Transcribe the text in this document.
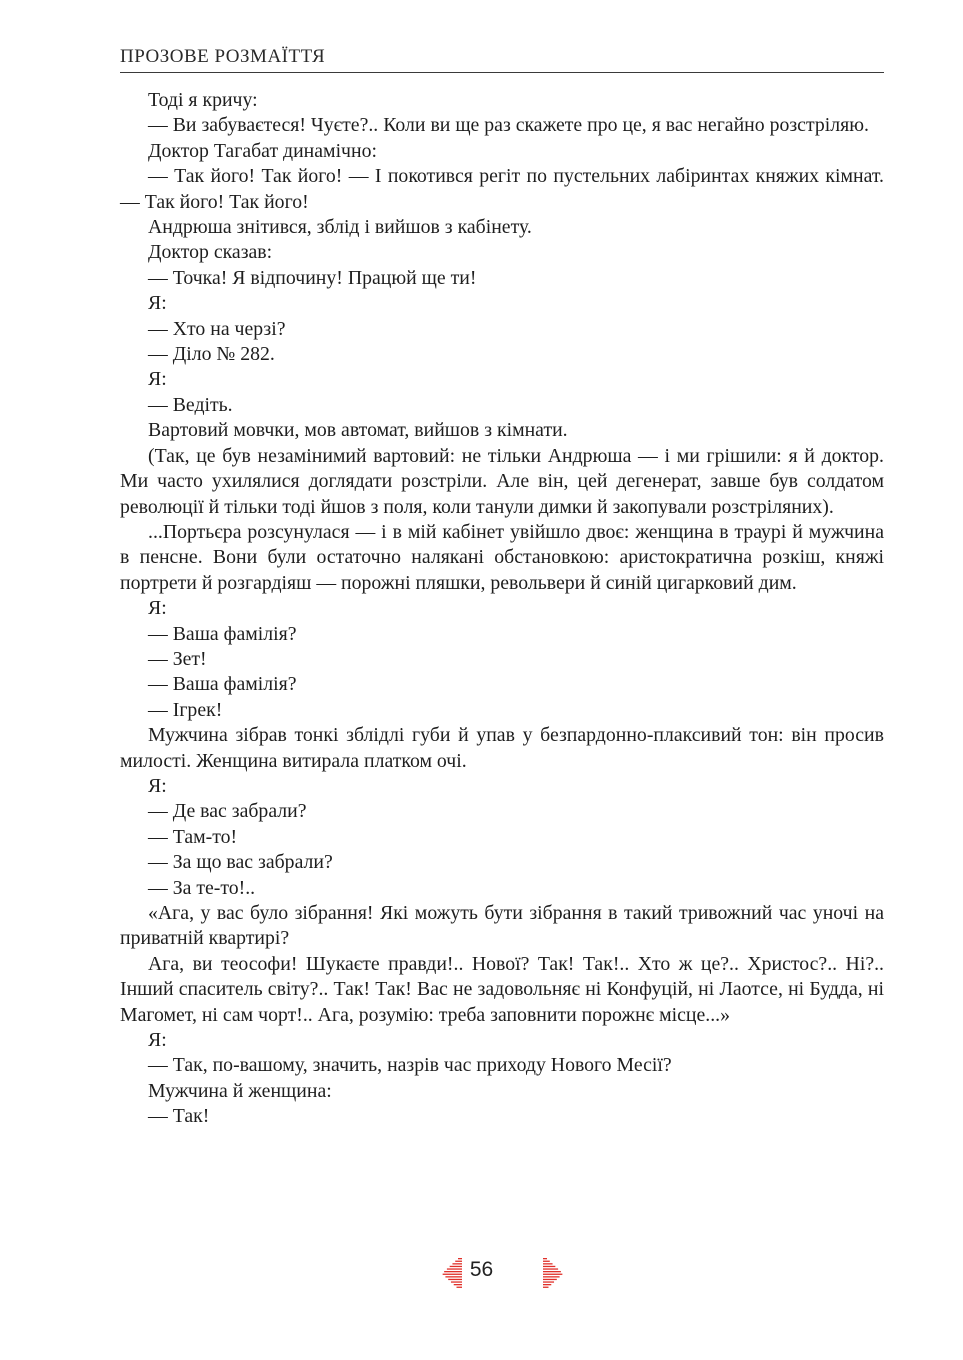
ПРОЗОВЕ РОЗМАЇТТЯ

Тоді я кричу:

— Ви забуваєтеся! Чуєте?.. Коли ви ще раз скажете про це, я вас негайно розстріляю.

Доктор Тагабат динамічно:

— Так його! Так його! — І покотився регіт по пустельних лабіринтах княжих кімнат. — Так його! Так його!

Андрюша знітився, зблід і вийшов з кабінету.

Доктор сказав:

— Точка! Я відпочину! Працюй ще ти!

Я:

— Хто на черзі?

— Діло № 282.

Я:

— Ведіть.

Вартовий мовчки, мов автомат, вийшов з кімнати.

(Так, це був незамінимий вартовий: не тільки Андрюша — і ми грішили: я й доктор. Ми часто ухилялися доглядати розстріли. Але він, цей дегенерат, завше був солдатом революції й тільки тоді йшов з поля, коли танули димки й закопували розстріляних).

...Портьєра розсунулася — і в мій кабінет увійшло двоє: женщина в траурі й мужчина в пенсне. Вони були остаточно налякані обстановкою: аристократична розкіш, княжі портрети й розгардіяш — порожні пляшки, револьвери й синій цигарковий дим.

Я:

— Ваша фамілія?

— Зет!

— Ваша фамілія?

— Ігрек!

Мужчина зібрав тонкі зблідлі губи й упав у безпардонно-плаксивий тон: він просив милості. Женщина витирала платком очі.

Я:

— Де вас забрали?

— Там-то!

— За що вас забрали?

— За те-то!..

«Ага, у вас було зібрання! Які можуть бути зібрання в такий тривожний час уночі на приватній квартирі?

Ага, ви теософи! Шукаєте правди!.. Нової? Так! Так!.. Хто ж це?.. Христос?.. Ні?.. Інший спаситель світу?.. Так! Так! Вас не задовольняє ні Конфуцій, ні Лаотсе, ні Будда, ні Магомет, ні сам чорт!.. Ага, розумію: треба заповнити порожнє місце...»

Я:

— Так, по-вашому, значить, назрів час приходу Нового Месії?

Мужчина й женщина:

— Так!

56
